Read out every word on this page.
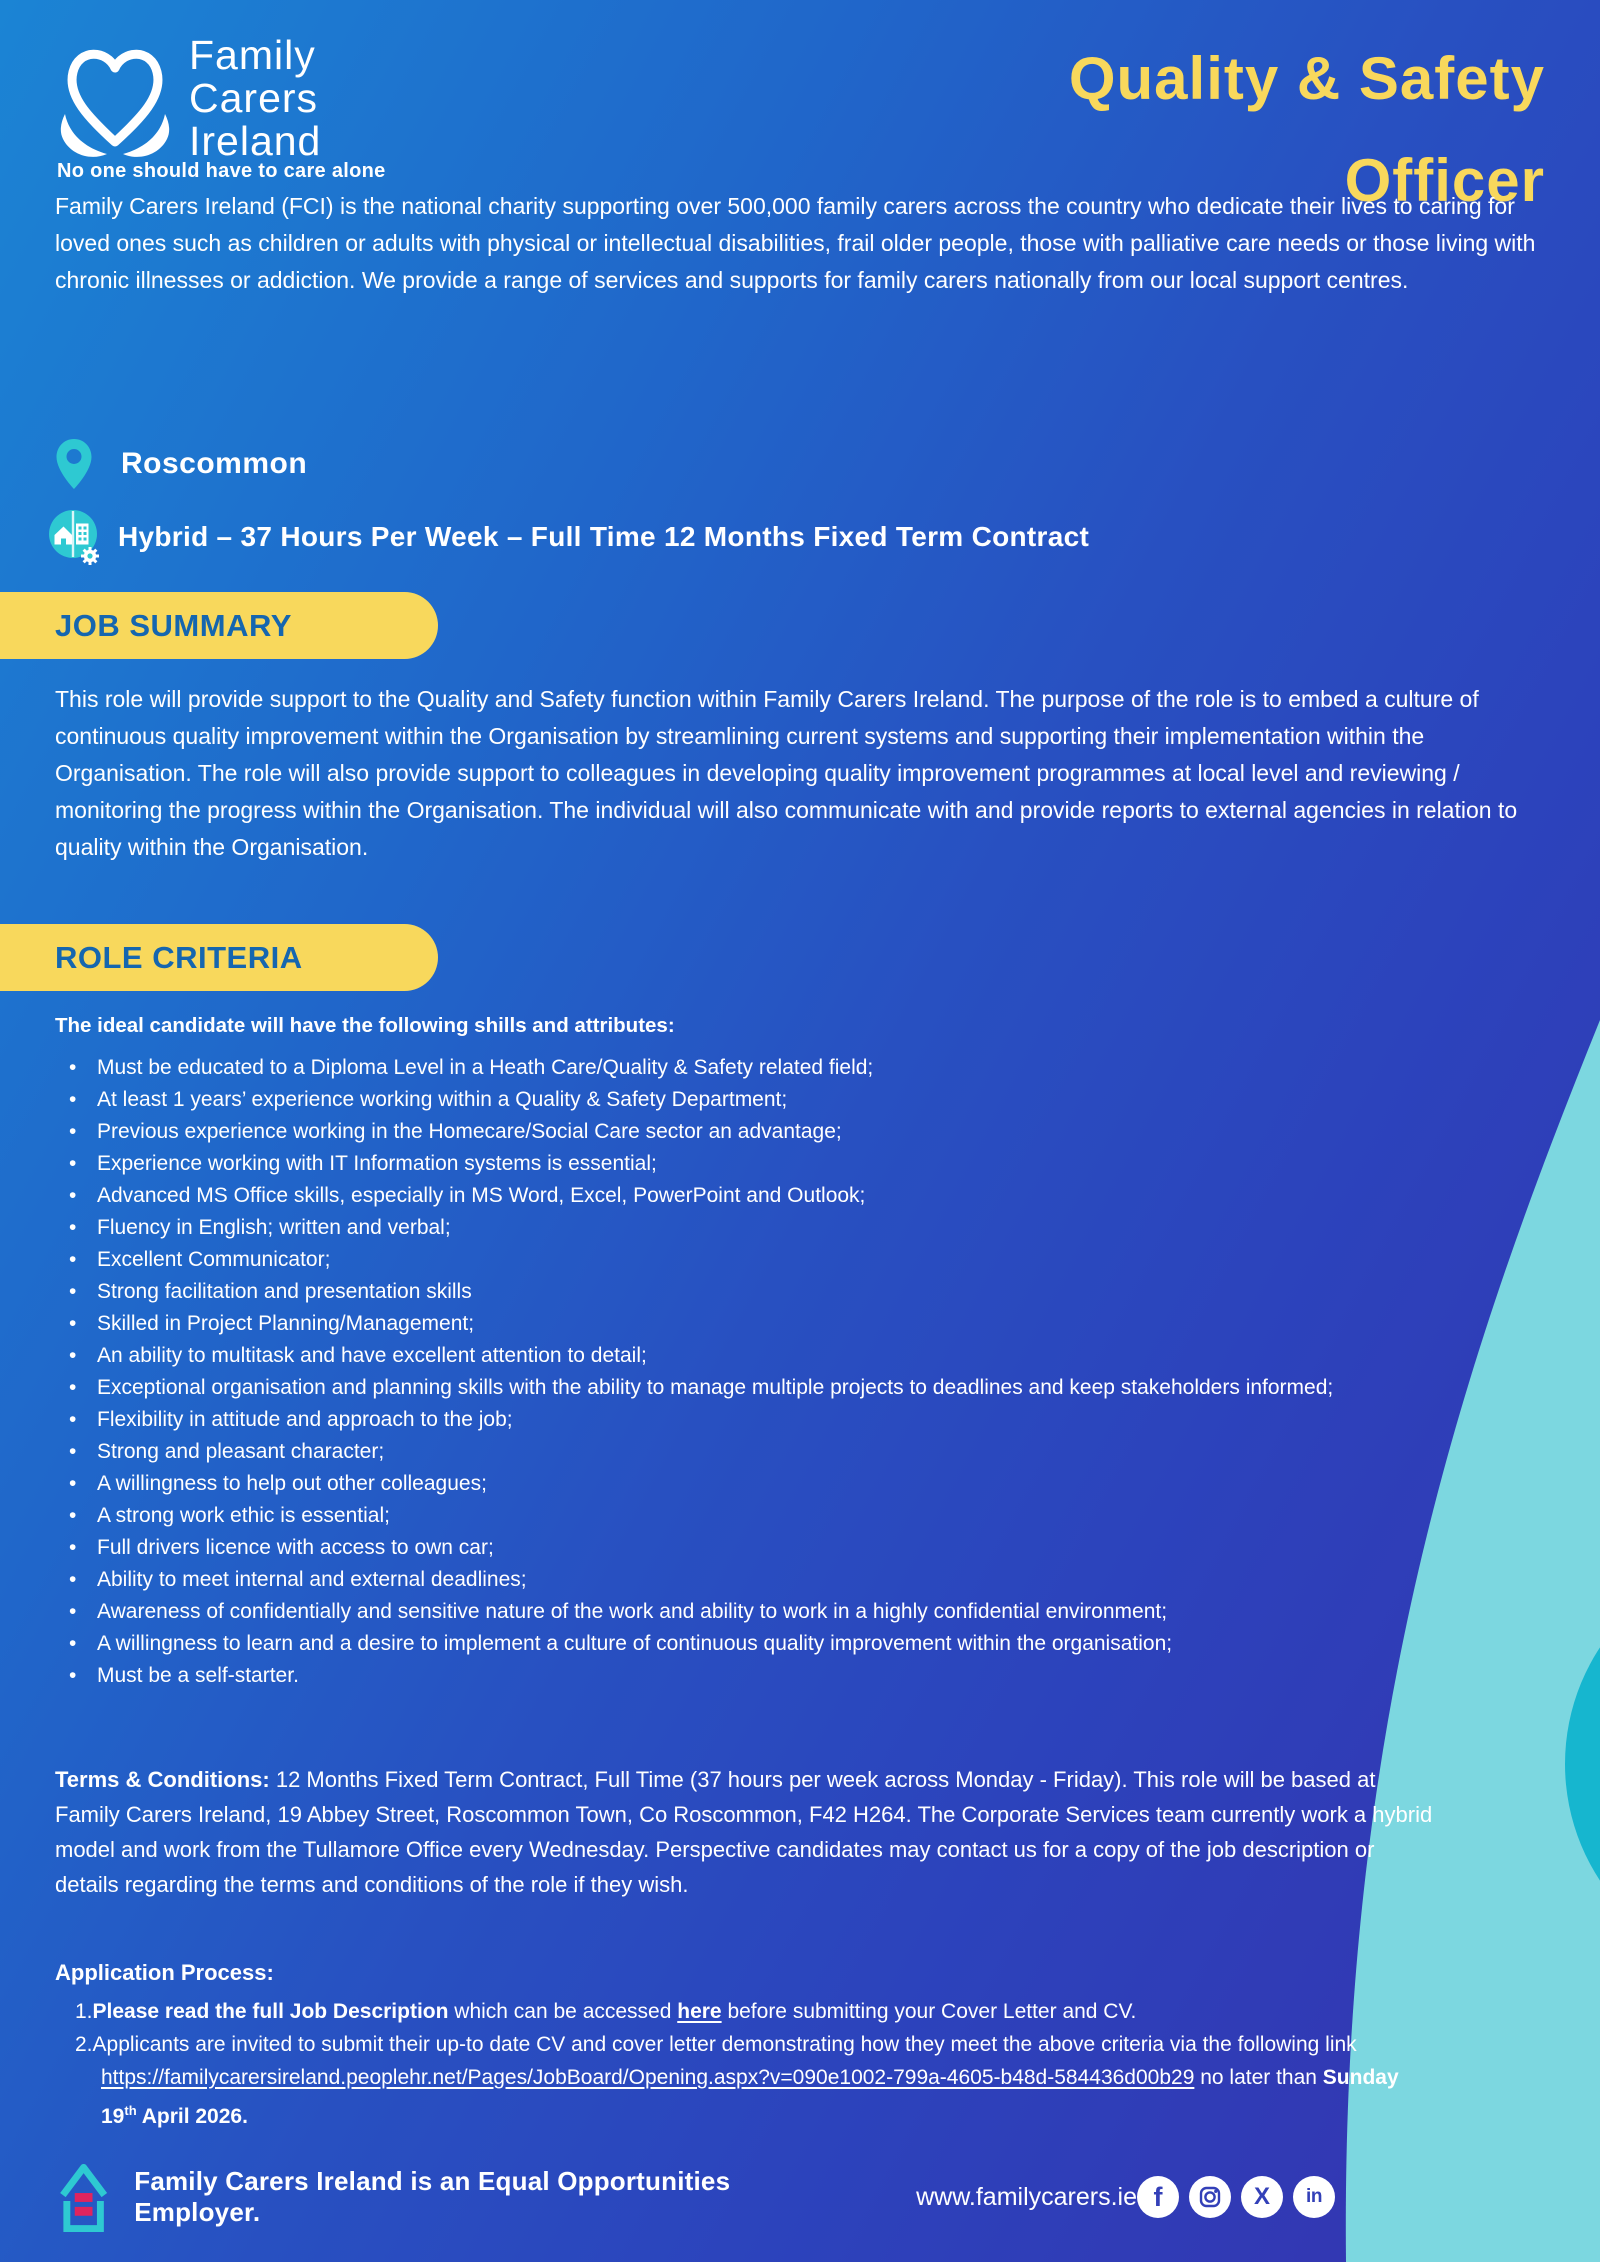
Family
Carers
Ireland
No one should have to care alone
Quality & Safety
Officer
Family Carers Ireland (FCI) is the national charity supporting over 500,000 family carers across the country who dedicate their lives to caring for loved ones such as children or adults with physical or intellectual disabilities, frail older people, those with palliative care needs or those living with chronic illnesses or addiction. We provide a range of services and supports for family carers nationally from our local support centres.
Roscommon
Hybrid – 37 Hours Per Week – Full Time 12 Months Fixed Term Contract
JOB SUMMARY
This role will provide support to the Quality and Safety function within Family Carers Ireland. The purpose of the role is to embed a culture of continuous quality improvement within the Organisation by streamlining current systems and supporting their implementation within the Organisation. The role will also provide support to colleagues in developing quality improvement programmes at local level and reviewing / monitoring the progress within the Organisation. The individual will also communicate with and provide reports to external agencies in relation to quality within the Organisation.
ROLE CRITERIA
The ideal candidate will have the following shills and attributes:
• Must be educated to a Diploma Level in a Heath Care/Quality & Safety related field;
• At least 1 years’ experience working within a Quality & Safety Department;
• Previous experience working in the Homecare/Social Care sector an advantage;
• Experience working with IT Information systems is essential;
• Advanced MS Office skills, especially in MS Word, Excel, PowerPoint and Outlook;
• Fluency in English; written and verbal;
• Excellent Communicator;
• Strong facilitation and presentation skills
• Skilled in Project Planning/Management;
• An ability to multitask and have excellent attention to detail;
• Exceptional organisation and planning skills with the ability to manage multiple projects to deadlines and keep stakeholders informed;
• Flexibility in attitude and approach to the job;
• Strong and pleasant character;
• A willingness to help out other colleagues;
• A strong work ethic is essential;
• Full drivers licence with access to own car;
• Ability to meet internal and external deadlines;
• Awareness of confidentially and sensitive nature of the work and ability to work in a highly confidential environment;
• A willingness to learn and a desire to implement a culture of continuous quality improvement within the organisation;
• Must be a self-starter.
Terms & Conditions: 12 Months Fixed Term Contract, Full Time (37 hours per week across Monday - Friday). This role will be based at Family Carers Ireland, 19 Abbey Street, Roscommon Town, Co Roscommon, F42 H264. The Corporate Services team currently work a hybrid model and work from the Tullamore Office every Wednesday. Perspective candidates may contact us for a copy of the job description or details regarding the terms and conditions of the role if they wish.
Application Process:
1.Please read the full Job Description which can be accessed here before submitting your Cover Letter and CV.
2.Applicants are invited to submit their up-to date CV and cover letter demonstrating how they meet the above criteria via the following link https://familycarersireland.peoplehr.net/Pages/JobBoard/Opening.aspx?v=090e1002-799a-4605-b48d-584436d00b29 no later than Sunday 19th April 2026.
Family Carers Ireland is an Equal Opportunities Employer.
www.familycarers.ie f	X in
